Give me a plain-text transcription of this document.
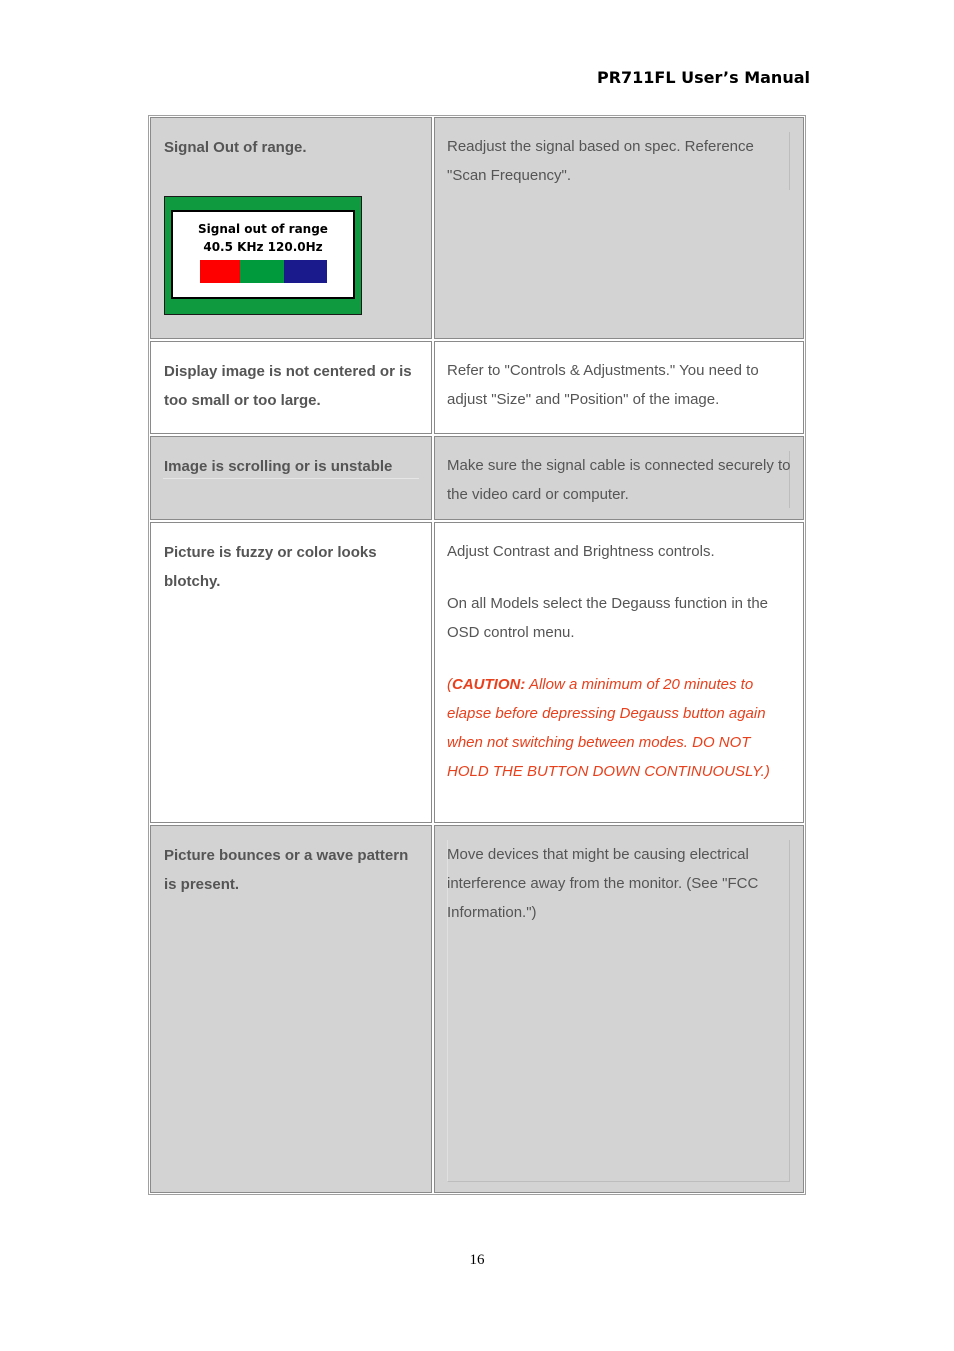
PR711FL User’s Manual
Signal Out of range.
Signal out of range
40.5 KHz 120.0Hz

Readjust the signal based on spec. Reference "Scan Frequency".

Display image is not centered or is too small or too large.

Refer to "Controls & Adjustments." You need to adjust "Size" and "Position" of the image.

Image is scrolling or is unstable	Make sure the signal cable is connected securely to the video card or computer.

Picture is fuzzy or color looks blotchy.

Adjust Contrast and Brightness controls.

On all Models select the Degauss function in the OSD control menu.

(CAUTION: Allow a minimum of 20 minutes to elapse before depressing Degauss button again when not switching between modes. DO NOT HOLD THE BUTTON DOWN CONTINUOUSLY.)

Picture bounces or a wave pattern is present.

Move devices that might be causing electrical interference away from the monitor. (See "FCC Information.")

16
